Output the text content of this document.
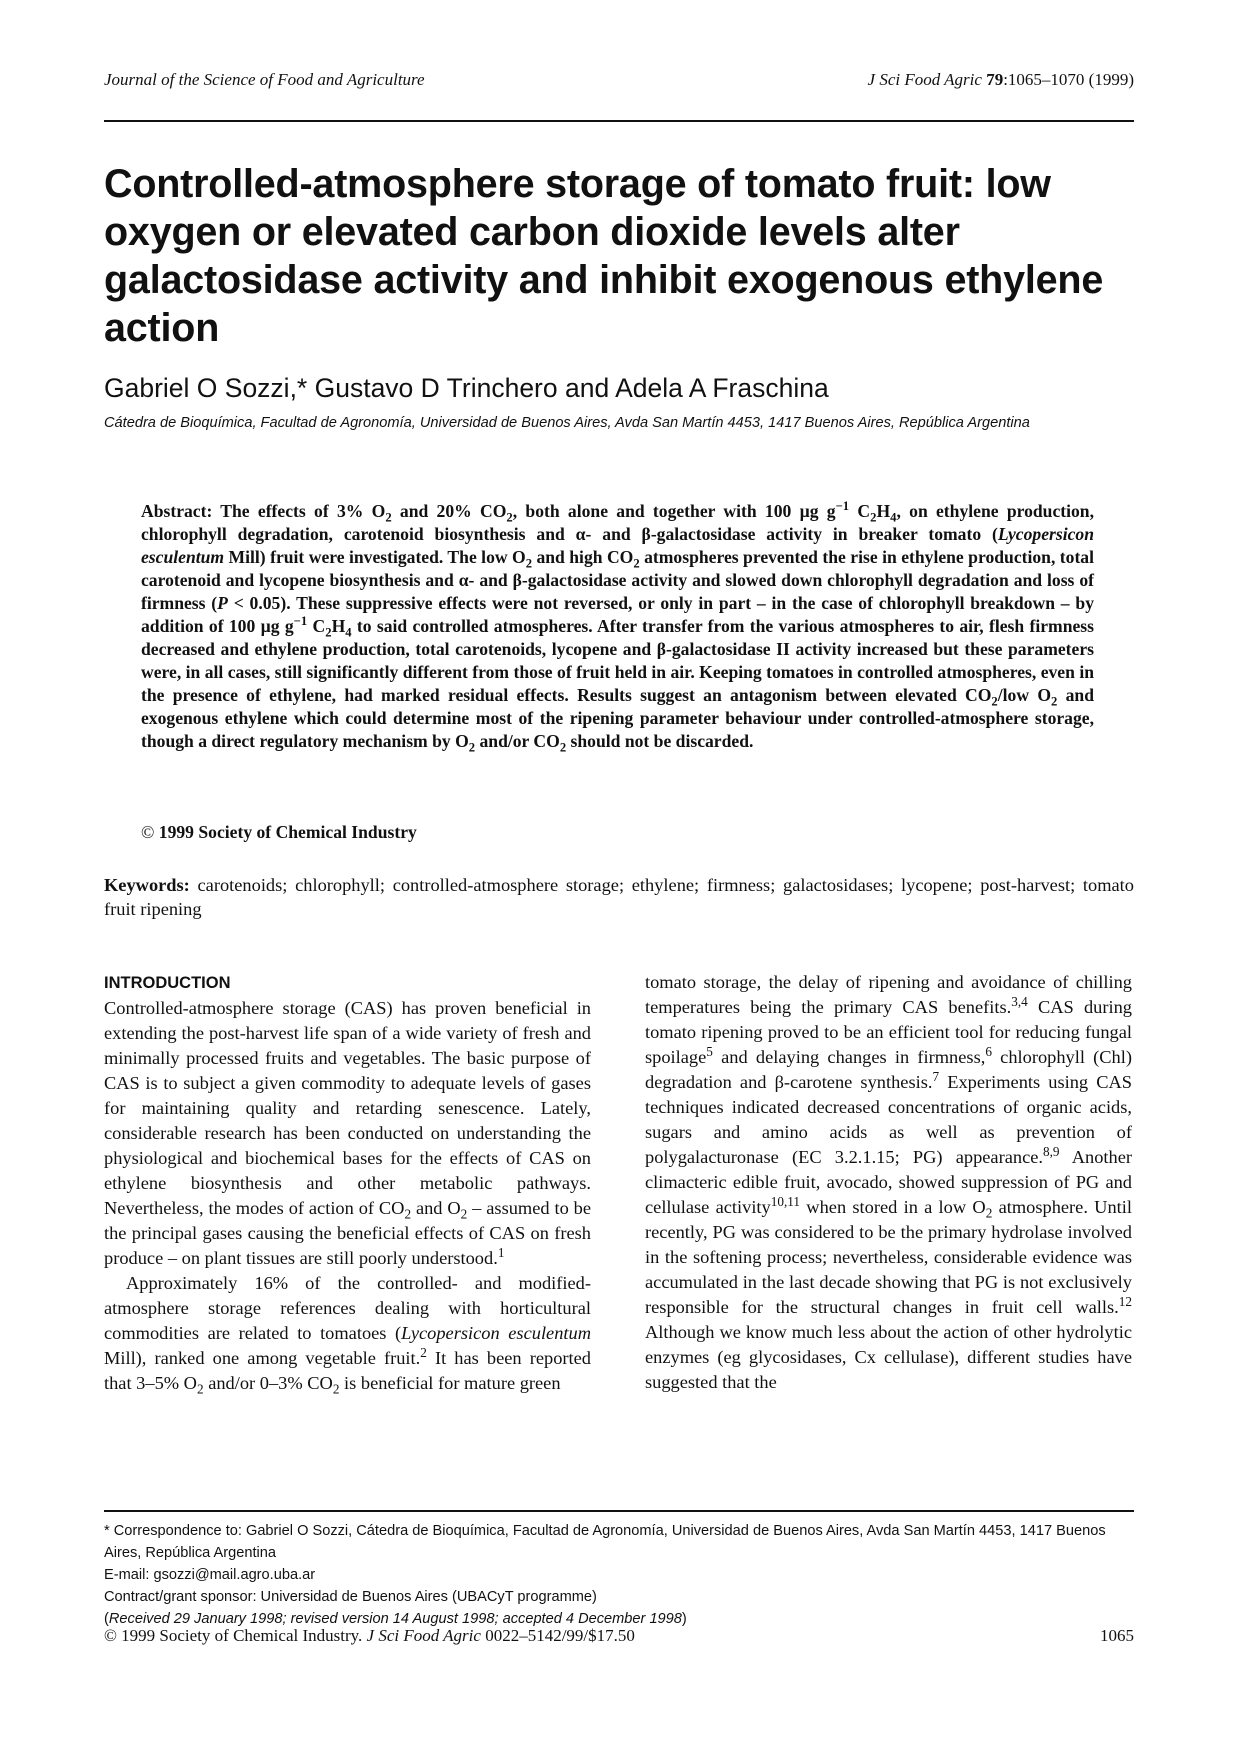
Journal of the Science of Food and Agriculture	J Sci Food Agric 79:1065–1070 (1999)
Controlled-atmosphere storage of tomato fruit: low oxygen or elevated carbon dioxide levels alter galactosidase activity and inhibit exogenous ethylene action
Gabriel O Sozzi,* Gustavo D Trinchero and Adela A Fraschina
Cátedra de Bioquímica, Facultad de Agronomía, Universidad de Buenos Aires, Avda San Martín 4453, 1417 Buenos Aires, República Argentina
Abstract: The effects of 3% $O_2$ and 20% $CO_2$, both alone and together with 100 µg $g^{-1}$ $C_2H_4$, on ethylene production, chlorophyll degradation, carotenoid biosynthesis and α- and β-galactosidase activity in breaker tomato (Lycopersicon esculentum Mill) fruit were investigated. The low $O_2$ and high $CO_2$ atmospheres prevented the rise in ethylene production, total carotenoid and lycopene biosynthesis and α- and β-galactosidase activity and slowed down chlorophyll degradation and loss of firmness (P < 0.05). These suppressive effects were not reversed, or only in part – in the case of chlorophyll breakdown – by addition of 100 µg $g^{-1}$ $C_2H_4$ to said controlled atmospheres. After transfer from the various atmospheres to air, flesh firmness decreased and ethylene production, total carotenoids, lycopene and β-galactosidase II activity increased but these parameters were, in all cases, still significantly different from those of fruit held in air. Keeping tomatoes in controlled atmospheres, even in the presence of ethylene, had marked residual effects. Results suggest an antagonism between elevated $CO_2$/low $O_2$ and exogenous ethylene which could determine most of the ripening parameter behaviour under controlled-atmosphere storage, though a direct regulatory mechanism by $O_2$ and/or $CO_2$ should not be discarded.
© 1999 Society of Chemical Industry
Keywords: carotenoids; chlorophyll; controlled-atmosphere storage; ethylene; firmness; galactosidases; lycopene; post-harvest; tomato fruit ripening
INTRODUCTION

Controlled-atmosphere storage (CAS) has proven beneficial in extending the post-harvest life span of a wide variety of fresh and minimally processed fruits and vegetables. The basic purpose of CAS is to subject a given commodity to adequate levels of gases for maintaining quality and retarding senescence. Lately, considerable research has been conducted on understanding the physiological and biochemical bases for the effects of CAS on ethylene biosynthesis and other metabolic pathways. Nevertheless, the modes of action of $CO_2$ and $O_2$ – assumed to be the principal gases causing the beneficial effects of CAS on fresh produce – on plant tissues are still poorly understood.$^1$

Approximately 16% of the controlled- and modified-atmosphere storage references dealing with horticultural commodities are related to tomatoes (Lycopersicon esculentum Mill), ranked one among vegetable fruit.$^2$ It has been reported that 3–5% $O_2$ and/or 0–3% $CO_2$ is beneficial for mature green

tomato storage, the delay of ripening and avoidance of chilling temperatures being the primary CAS benefits.$^{3,4}$ CAS during tomato ripening proved to be an efficient tool for reducing fungal spoilage$^5$ and delaying changes in firmness,$^6$ chlorophyll (Chl) degradation and β-carotene synthesis.$^7$ Experiments using CAS techniques indicated decreased concentrations of organic acids, sugars and amino acids as well as prevention of polygalacturonase (EC 3.2.1.15; PG) appearance.$^{8,9}$ Another climacteric edible fruit, avocado, showed suppression of PG and cellulase activity$^{10,11}$ when stored in a low $O_2$ atmosphere. Until recently, PG was considered to be the primary hydrolase involved in the softening process; nevertheless, considerable evidence was accumulated in the last decade showing that PG is not exclusively responsible for the structural changes in fruit cell walls.$^{12}$ Although we know much less about the action of other hydrolytic enzymes (eg glycosidases, Cx cellulase), different studies have suggested that the

* Correspondence to: Gabriel O Sozzi, Cátedra de Bioquímica, Facultad de Agronomía, Universidad de Buenos Aires, Avda San Martín 4453, 1417 Buenos Aires, República Argentina

E-mail: gsozzi@mail.agro.uba.ar

Contract/grant sponsor: Universidad de Buenos Aires (UBACyT programme)

(Received 29 January 1998; revised version 14 August 1998; accepted 4 December 1998)

© 1999 Society of Chemical Industry. J Sci Food Agric 0022–5142/99/$17.50	1065
